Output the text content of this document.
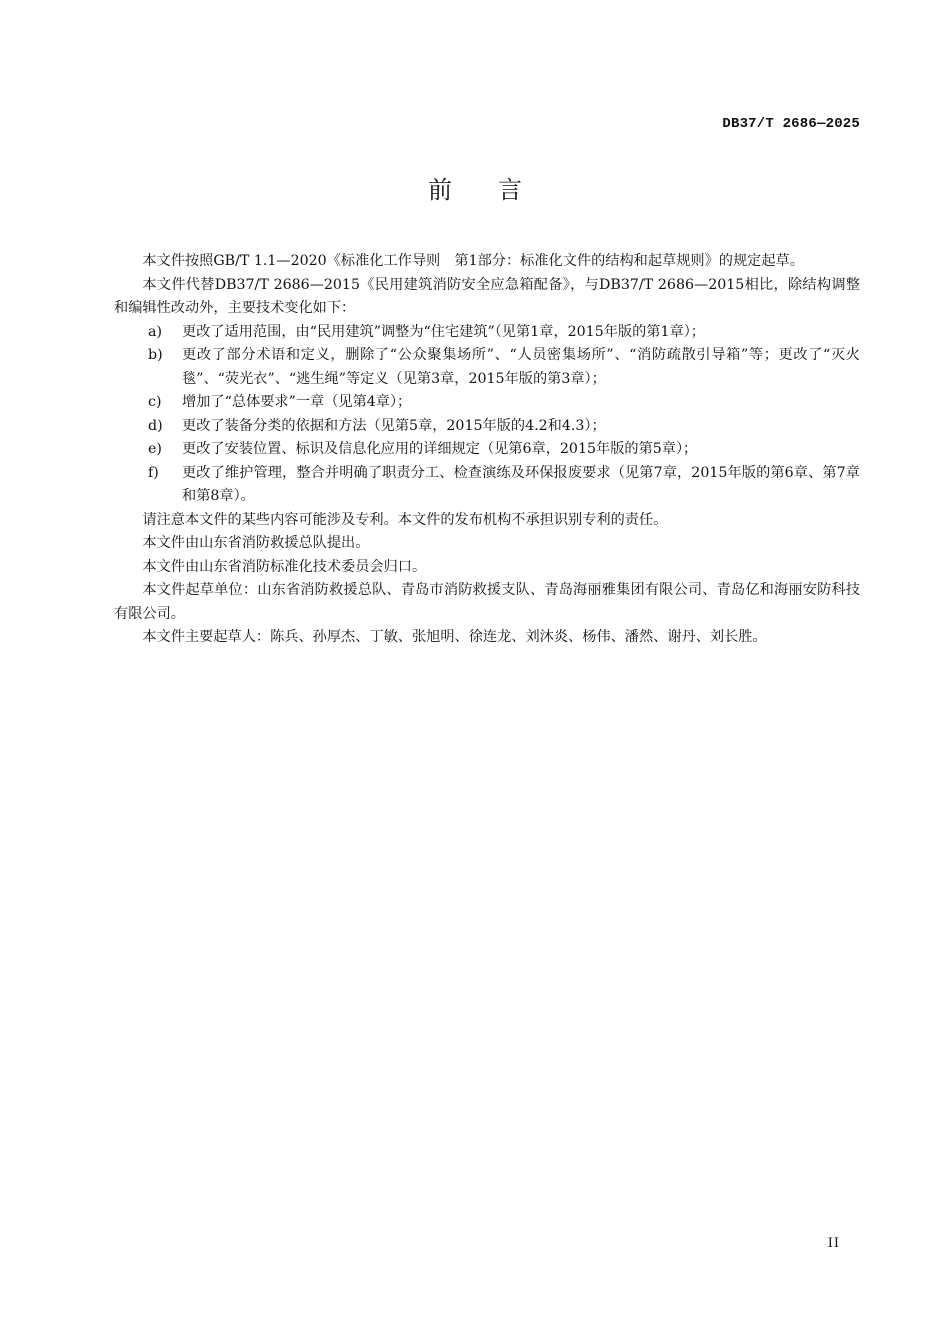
DB37/T 2686—2025
前言

本文件按照GB/T 1.1—2020《标准化工作导则　第1部分：标准化文件的结构和起草规则》的规定起草。

本文件代替DB37/T 2686—2015《民用建筑消防安全应急箱配备》，与DB37/T 2686—2015相比，除结构调整和编辑性改动外，主要技术变化如下：

a) 更改了适用范围，由“民用建筑”调整为“住宅建筑”（见第1章，2015年版的第1章）；
b) 更改了部分术语和定义，删除了“公众聚集场所”、“人员密集场所”、“消防疏散引导箱”等；更改了“灭火毯”、“荧光衣”、“逃生绳”等定义（见第3章，2015年版的第3章）；
c) 增加了“总体要求”一章（见第4章）；
d) 更改了装备分类的依据和方法（见第5章，2015年版的4.2和4.3）；
e) 更改了安装位置、标识及信息化应用的详细规定（见第6章，2015年版的第5章）；
f) 更改了维护管理，整合并明确了职责分工、检查演练及环保报废要求（见第7章，2015年版的第6章、第7章和第8章）。

请注意本文件的某些内容可能涉及专利。本文件的发布机构不承担识别专利的责任。

本文件由山东省消防救援总队提出。

本文件由山东省消防标准化技术委员会归口。

本文件起草单位：山东省消防救援总队、青岛市消防救援支队、青岛海丽雅集团有限公司、青岛亿和海丽安防科技有限公司。

本文件主要起草人：陈兵、孙厚杰、丁敏、张旭明、徐连龙、刘沐炎、杨伟、潘然、谢丹、刘长胜。

II
